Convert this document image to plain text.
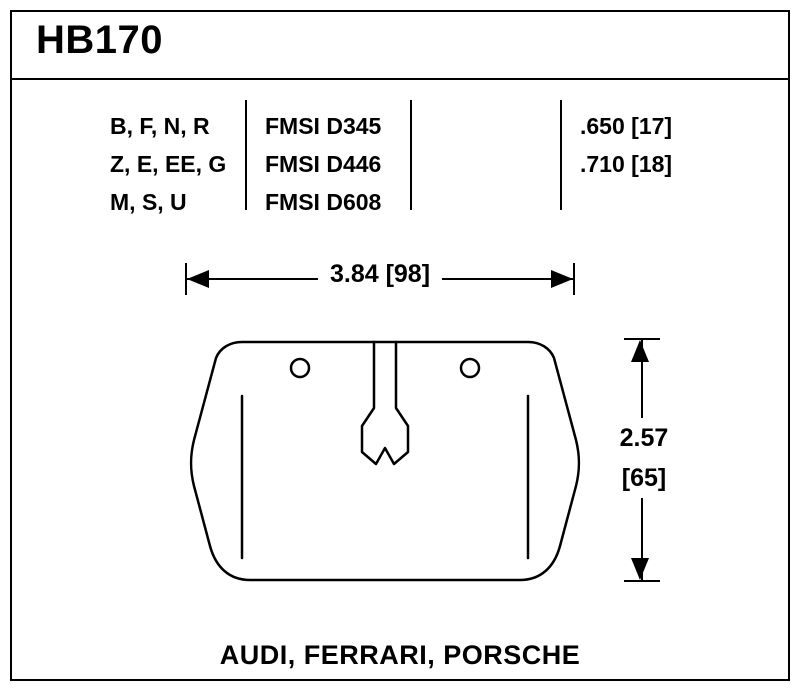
HB170
B, F, N, R
Z, E, EE, G
M, S, U
FMSI D345
FMSI D446
FMSI D608
.650 [17]
.710 [18]
3.84 [98]
2.57
[65]
AUDI, FERRARI, PORSCHE
